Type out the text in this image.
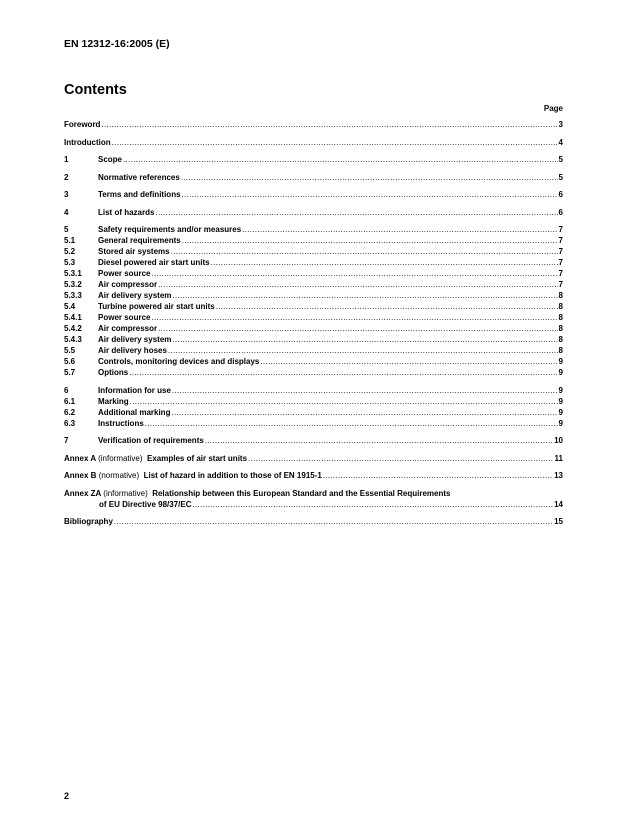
EN 12312-16:2005 (E)
Contents
Page
Foreword .....	3
Introduction .....	4
1	Scope .....	5
2	Normative references .....	5
3	Terms and definitions .....	6
4	List of hazards .....	6
5	Safety requirements and/or measures .....	7
5.1	General requirements .....	7
5.2	Stored air systems .....	7
5.3	Diesel powered air start units .....	7
5.3.1	Power source .....	7
5.3.2	Air compressor .....	7
5.3.3	Air delivery system .....	8
5.4	Turbine powered air start units .....	8
5.4.1	Power source .....	8
5.4.2	Air compressor .....	8
5.4.3	Air delivery system .....	8
5.5	Air delivery hoses .....	8
5.6	Controls, monitoring devices and displays .....	9
5.7	Options .....	9
6	Information for use .....	9
6.1	Marking .....	9
6.2	Additional marking .....	9
6.3	Instructions .....	9
7	Verification of requirements .....	10
Annex A (informative) Examples of air start units .....	11
Annex B (normative) List of hazard in addition to those of EN 1915-1 .....	13
Annex ZA (informative) Relationship between this European Standard and the Essential Requirements
of EU Directive 98/37/EC .....	14
Bibliography .....	15
2
